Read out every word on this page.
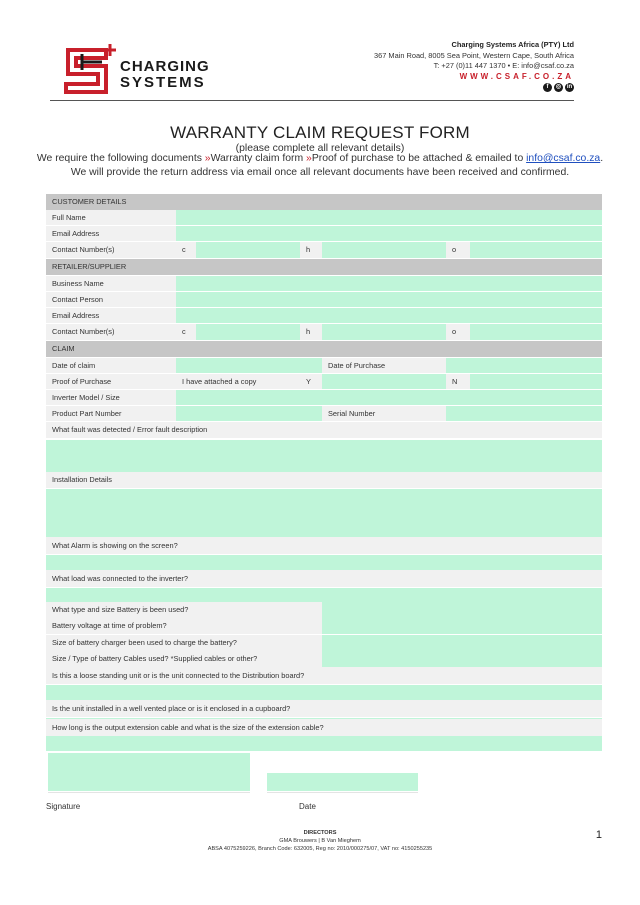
CHARGING
SYSTEMS
Charging Systems Africa (PTY) Ltd
367 Main Road, 8005 Sea Point, Western Cape, South Africa
T: +27 (0)11 447 1370 • E: info@csaf.co.za
WWW.CSAF.CO.ZA
f	◎ in
WARRANTY CLAIM REQUEST FORM
(please complete all relevant details)
We require the following documents »Warranty claim form »Proof of purchase to be attached & emailed to info@csaf.co.za.
We will provide the return address via email once all relevant documents have been received and confirmed.
CUSTOMER DETAILS
Full Name
Email Address
Contact Number(s)	c	h	o
RETAILER/SUPPLIER
Business Name
Contact Person
Email Address
Contact Number(s)	c	h	o
CLAIM
Date of claim	Date of Purchase
Proof of Purchase	I have attached a copy	Y	N
Inverter Model / Size
Product Part Number	Serial Number
What fault was detected / Error fault description
Installation Details
What Alarm is showing on the screen?
What load was connected to the inverter?
What type and size Battery is been used?
Battery voltage at time of problem?
Size of battery charger been used to charge the battery?
Size / Type of battery Cables used? *Supplied cables or other?
Is this a loose standing unit or is the unit connected to the Distribution board?
Is the unit installed in a well vented place or is it enclosed in a cupboard?
How long is the output extension cable and what is the size of the extension cable?
Signature	Date
DIRECTORS
GMA Brouwers | B Van Mieghem
ABSA 4075259226, Branch Code: 632005, Reg no: 2010/000275/07, VAT no: 4150255235
1
